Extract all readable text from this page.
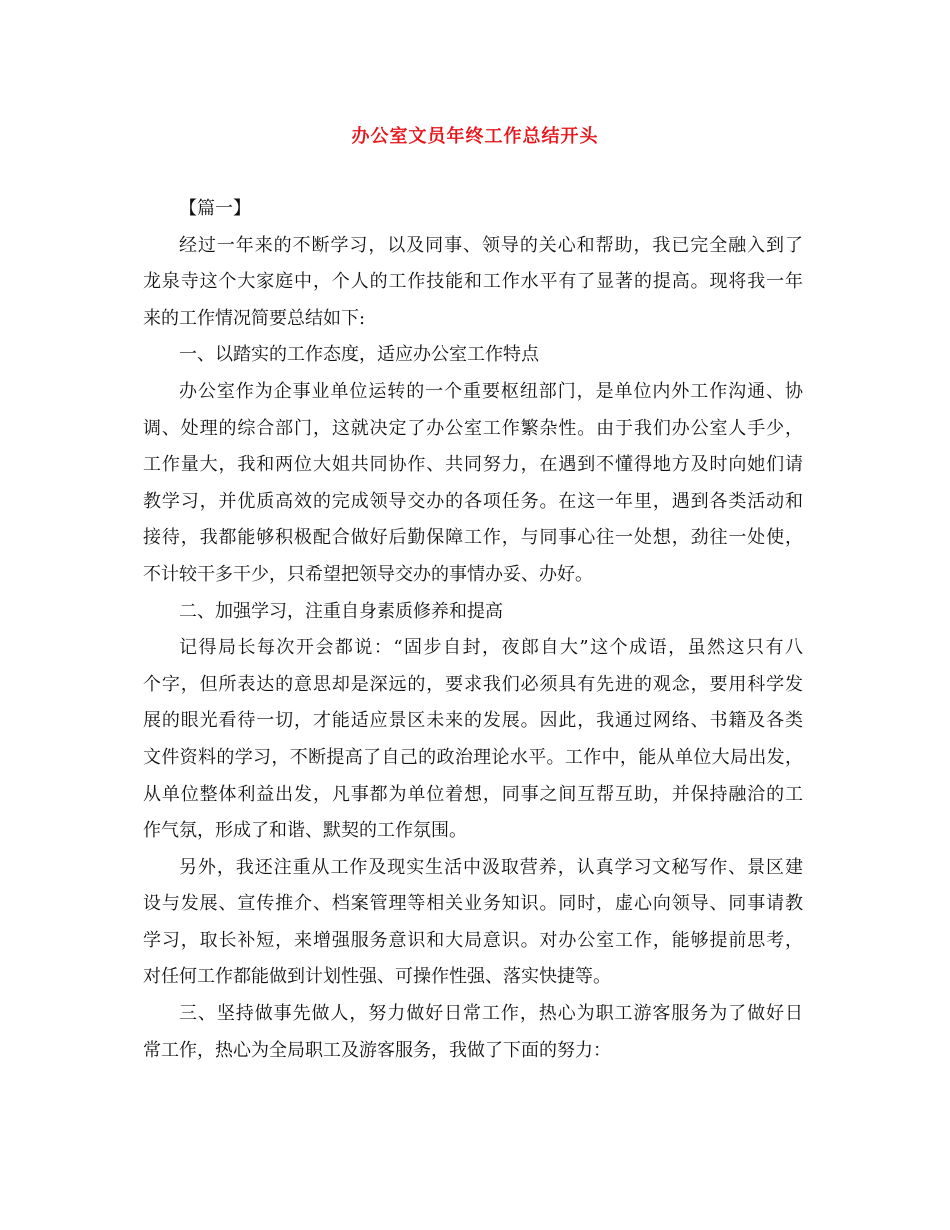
办公室文员年终工作总结开头
【篇一】
经过一年来的不断学习，以及同事、领导的关心和帮助，我已完全融入到了
龙泉寺这个大家庭中，个人的工作技能和工作水平有了显著的提高。现将我一年
来的工作情况简要总结如下:
一、以踏实的工作态度，适应办公室工作特点
办公室作为企事业单位运转的一个重要枢纽部门，是单位内外工作沟通、协
调、处理的综合部门，这就决定了办公室工作繁杂性。由于我们办公室人手少，
工作量大，我和两位大姐共同协作、共同努力，在遇到不懂得地方及时向她们请
教学习，并优质高效的完成领导交办的各项任务。在这一年里，遇到各类活动和
接待，我都能够积极配合做好后勤保障工作，与同事心往一处想，劲往一处使，
不计较干多干少，只希望把领导交办的事情办妥、办好。
二、加强学习，注重自身素质修养和提高
记得局长每次开会都说：“固步自封，夜郎自大”这个成语，虽然这只有八
个字，但所表达的意思却是深远的，要求我们必须具有先进的观念，要用科学发
展的眼光看待一切，才能适应景区未来的发展。因此，我通过网络、书籍及各类
文件资料的学习，不断提高了自己的政治理论水平。工作中，能从单位大局出发，
从单位整体利益出发，凡事都为单位着想，同事之间互帮互助，并保持融洽的工
作气氛，形成了和谐、默契的工作氛围。
另外，我还注重从工作及现实生活中汲取营养，认真学习文秘写作、景区建
设与发展、宣传推介、档案管理等相关业务知识。同时，虚心向领导、同事请教
学习，取长补短，来增强服务意识和大局意识。对办公室工作，能够提前思考，
对任何工作都能做到计划性强、可操作性强、落实快捷等。
三、坚持做事先做人，努力做好日常工作，热心为职工游客服务为了做好日
常工作，热心为全局职工及游客服务，我做了下面的努力：
